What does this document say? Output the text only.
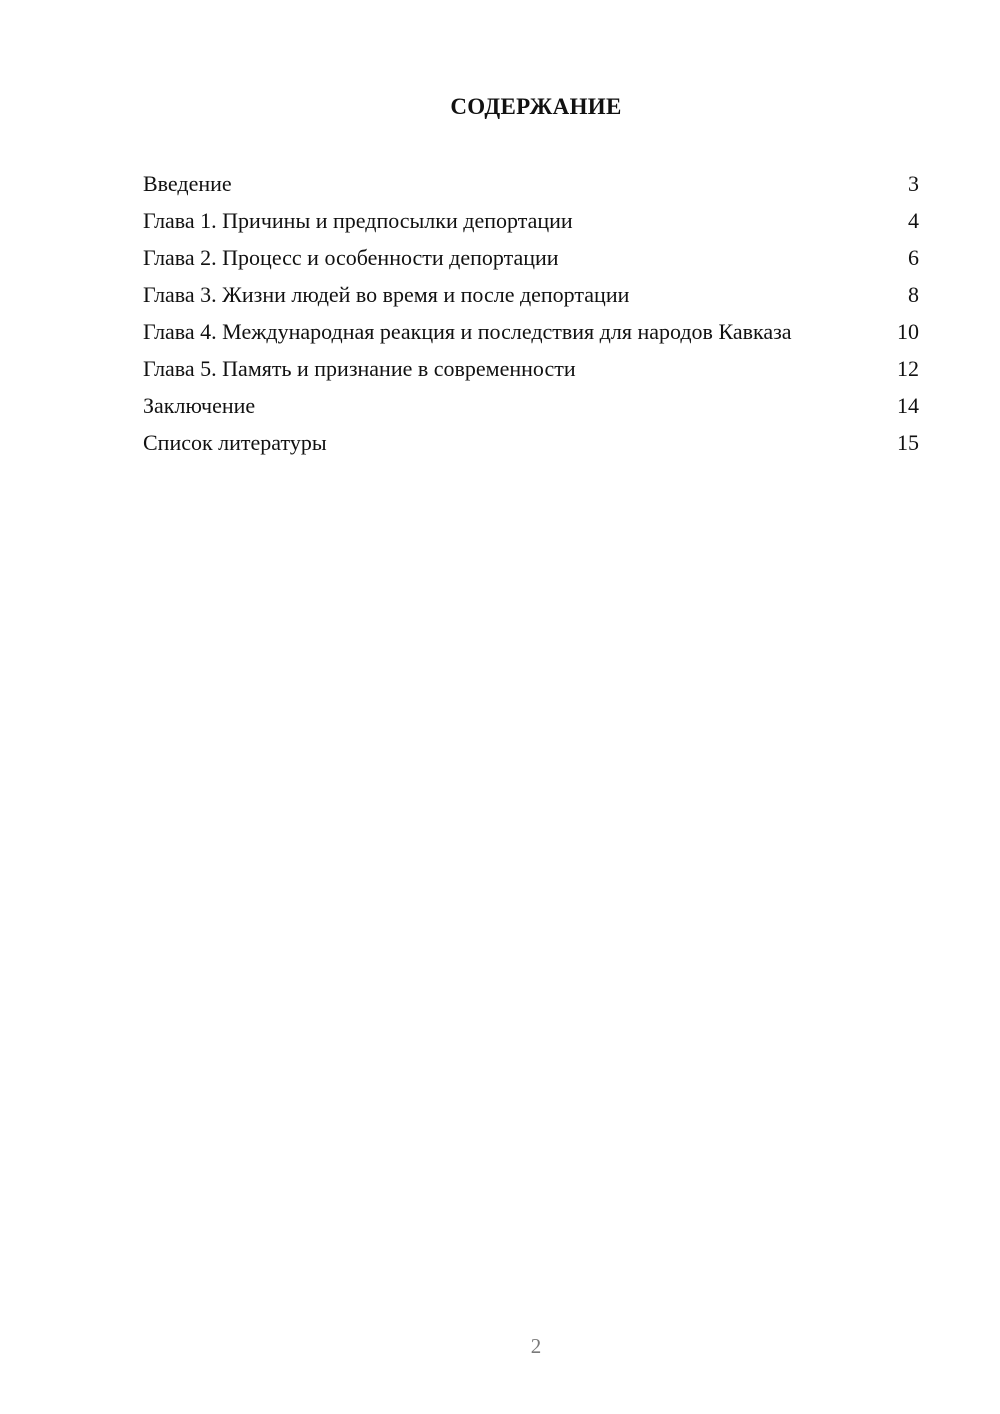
СОДЕРЖАНИЕ
Введение	3
Глава 1. Причины и предпосылки депортации	4
Глава 2. Процесс и особенности депортации	6
Глава 3. Жизни людей во время и после депортации	8
Глава 4. Международная реакция и последствия для народов Кавказа	10
Глава 5. Память и признание в современности	12
Заключение	14
Список литературы	15
2
